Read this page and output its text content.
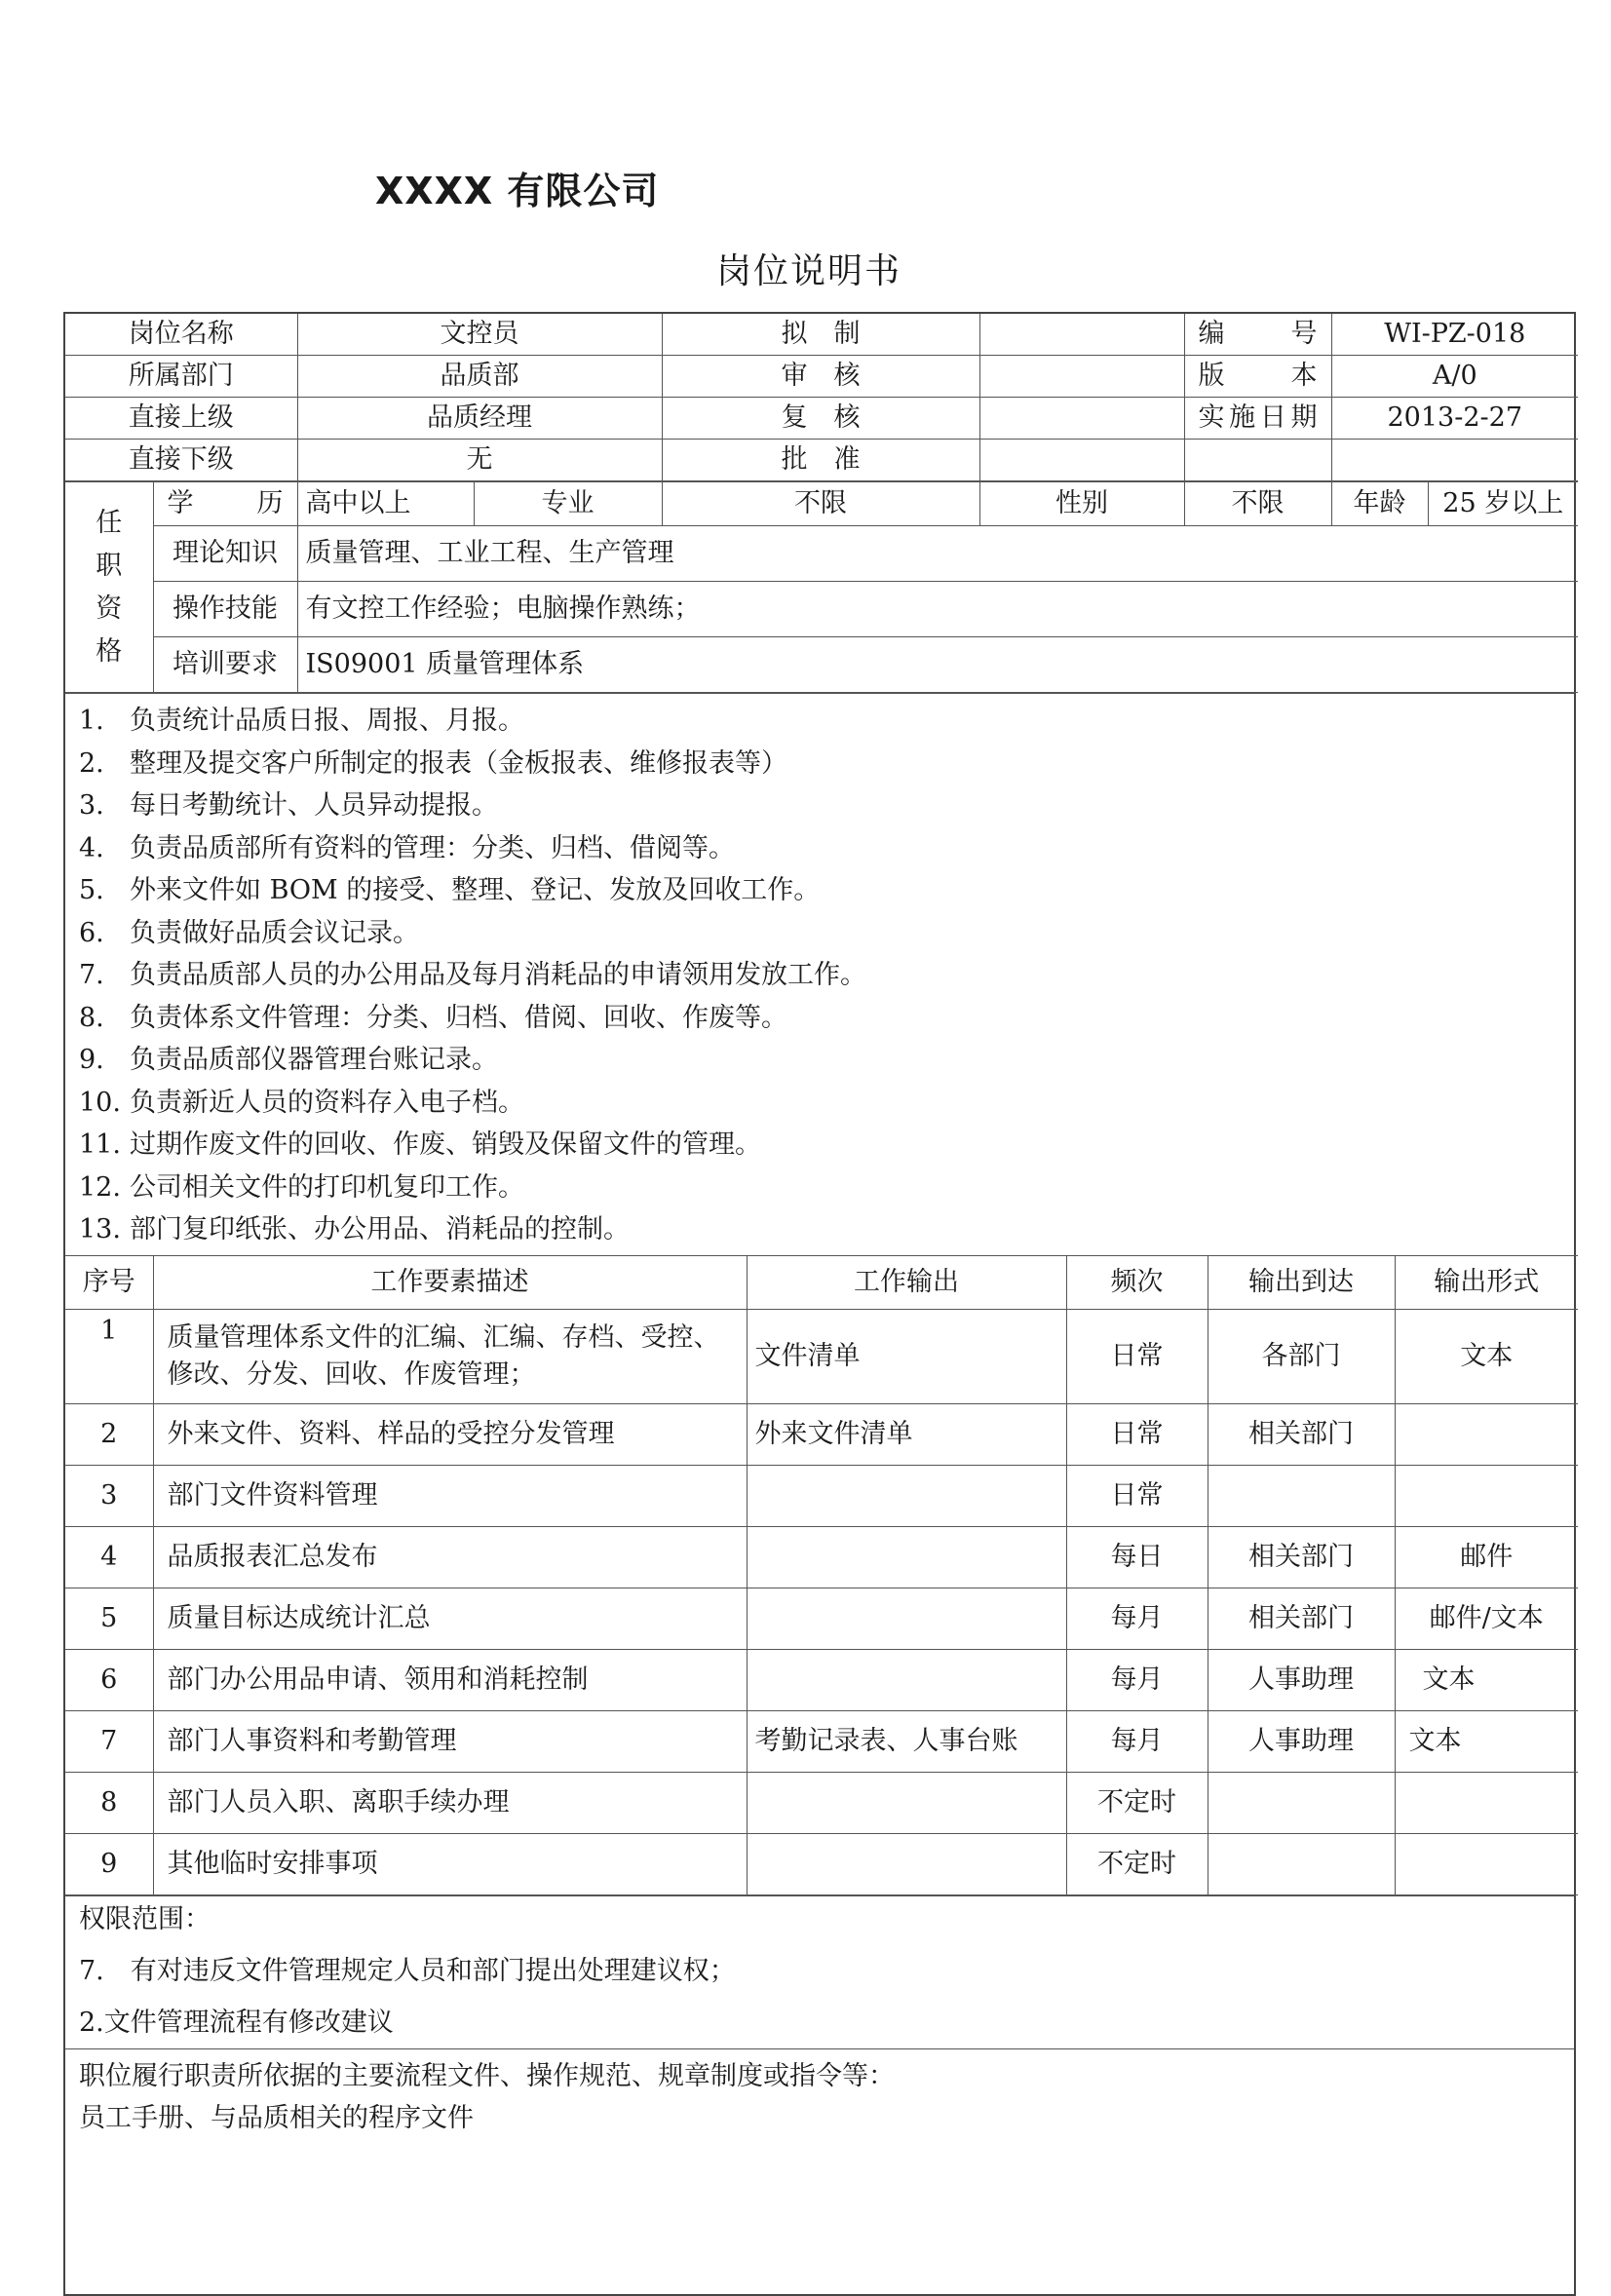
XXXX 有限公司
岗位说明书
岗位名称	文控员	拟　制		编　　号	WI-PZ-018
所属部门	品质部	审　核		版　　本	A/0
直接上级	品质经理	复　核		实施日期	2013-2-27
直接下级	无	批　准			
任
职
资
格	学　　历	高中以上	专业	不限	性别	不限	年龄	25 岁以上
	理论知识	质量管理、工业工程、生产管理						
	操作技能	有文控工作经验；电脑操作熟练；						
	培训要求	IS09001 质量管理体系						
1. 负责统计品质日报、周报、月报。
2. 整理及提交客户所制定的报表（金板报表、维修报表等）
3. 每日考勤统计、人员异动提报。
4. 负责品质部所有资料的管理：分类、归档、借阅等。
5. 外来文件如 BOM 的接受、整理、登记、发放及回收工作。
6. 负责做好品质会议记录。
7. 负责品质部人员的办公用品及每月消耗品的申请领用发放工作。
8. 负责体系文件管理：分类、归档、借阅、回收、作废等。
9. 负责品质部仪器管理台账记录。
10. 负责新近人员的资料存入电子档。
11. 过期作废文件的回收、作废、销毁及保留文件的管理。
12. 公司相关文件的打印机复印工作。
13. 部门复印纸张、办公用品、消耗品的控制。
序号	工作要素描述	工作输出	频次	输出到达	输出形式
1	质量管理体系文件的汇编、汇编、存档、受控、修改、分发、回收、作废管理；	文件清单	日常	各部门	文本
2	外来文件、资料、样品的受控分发管理	外来文件清单	日常	相关部门	
3	部门文件资料管理		日常		
4	品质报表汇总发布		每日	相关部门	邮件
5	质量目标达成统计汇总		每月	相关部门	邮件/文本
6	部门办公用品申请、领用和消耗控制		每月	人事助理	文本
7	部门人事资料和考勤管理	考勤记录表、人事台账	每月	人事助理	文本
8	部门人员入职、离职手续办理		不定时		
9	其他临时安排事项		不定时		
权限范围：
7.　有对违反文件管理规定人员和部门提出处理建议权；
2.文件管理流程有修改建议
职位履行职责所依据的主要流程文件、操作规范、规章制度或指令等：
员工手册、与品质相关的程序文件
